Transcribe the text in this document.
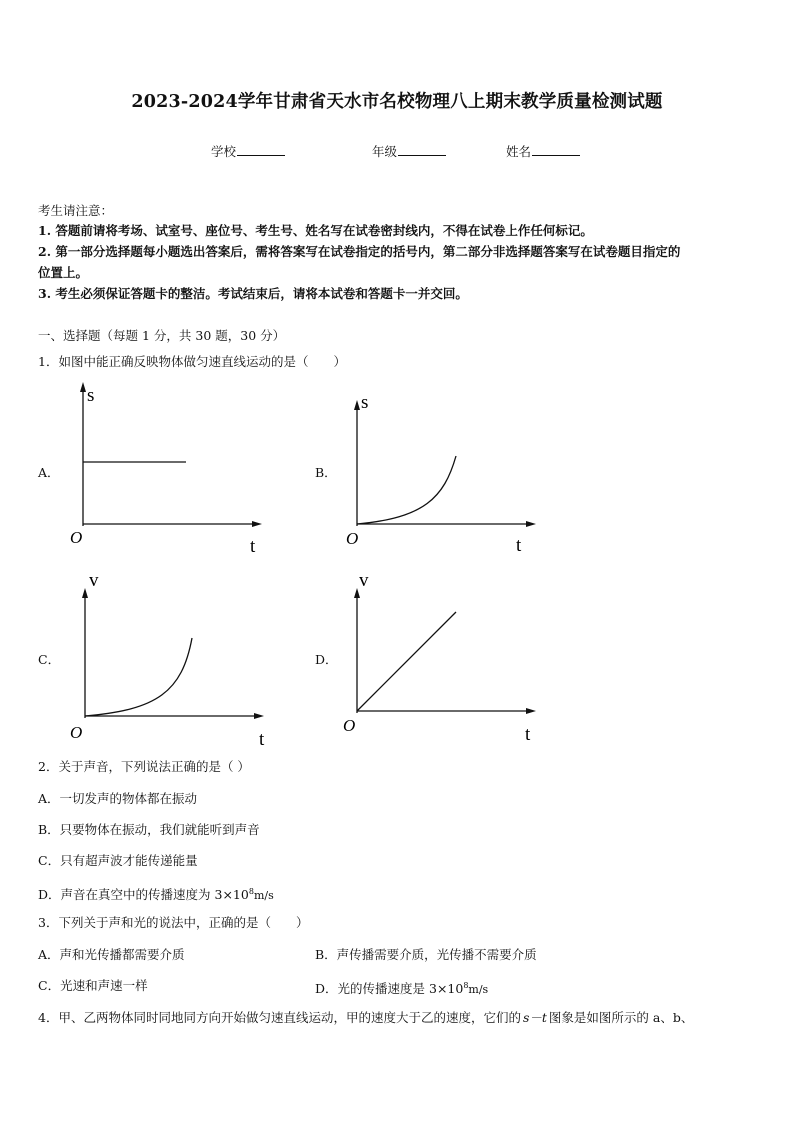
2023-2024学年甘肃省天水市名校物理八上期末教学质量检测试题
学校	年级	姓名
考生请注意：
1. 答题前请将考场、试室号、座位号、考生号、姓名写在试卷密封线内，不得在试卷上作任何标记。
2. 第一部分选择题每小题选出答案后，需将答案写在试卷指定的括号内，第二部分非选择题答案写在试卷题目指定的
位置上。
3. 考生必须保证答题卡的整洁。考试结束后，请将本试卷和答题卡一并交回。
一、选择题（每题 1 分，共 30 题，30 分）
1．如图中能正确反映物体做匀速直线运动的是（　　）
A．
s
t
O
B．
s
t
O
C．
v
t
O
D．
v
t
O
2．关于声音，下列说法正确的是（ ）
A．一切发声的物体都在振动
B．只要物体在振动，我们就能听到声音
C．只有超声波才能传递能量
D．声音在真空中的传播速度为 $3\times 10^8m/s$
3．下列关于声和光的说法中，正确的是（　　）
A．声和光传播都需要介质	B．声传播需要介质，光传播不需要介质
C．光速和声速一样	D．光的传播速度是 $3\times 10^8m/s$
4．甲、乙两物体同时同地同方向开始做匀速直线运动，甲的速度大于乙的速度，它们的 s－t 图象是如图所示的 a、b、
